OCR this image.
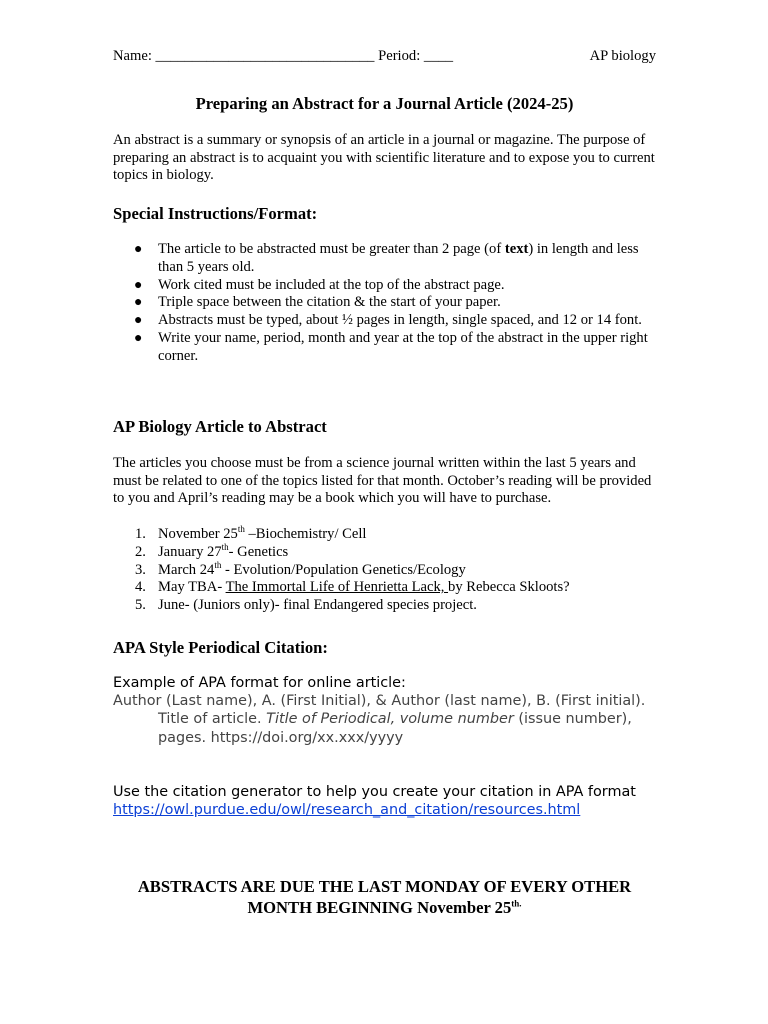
Name: ______________________________ Period: ____	AP biology
Preparing an Abstract for a Journal Article (2024-25)
An abstract is a summary or synopsis of an article in a journal or magazine. The purpose of preparing an abstract is to acquaint you with scientific literature and to expose you to current topics in biology.
Special Instructions/Format:
● The article to be abstracted must be greater than 2 page (of text) in length and less than 5 years old.
● Work cited must be included at the top of the abstract page.
● Triple space between the citation & the start of your paper.
● Abstracts must be typed, about ½ pages in length, single spaced, and 12 or 14 font.
● Write your name, period, month and year at the top of the abstract in the upper right corner.
AP Biology Article to Abstract
The articles you choose must be from a science journal written within the last 5 years and must be related to one of the topics listed for that month. October’s reading will be provided to you and April’s reading may be a book which you will have to purchase.
1. November 25th –Biochemistry/ Cell
2. January 27th- Genetics
3. March 24th - Evolution/Population Genetics/Ecology
4. May TBA- The Immortal Life of Henrietta Lack, by Rebecca Skloots?
5. June- (Juniors only)- final Endangered species project.
APA Style Periodical Citation:
Example of APA format for online article:
Author (Last name), A. (First Initial), & Author (last name), B. (First initial).
Title of article. Title of Periodical, volume number (issue number), pages. https://doi.org/xx.xxx/yyyy
Use the citation generator to help you create your citation in APA format
https://owl.purdue.edu/owl/research_and_citation/resources.html
ABSTRACTS ARE DUE THE LAST MONDAY OF EVERY OTHER
MONTH BEGINNING November $25^{th.}$
